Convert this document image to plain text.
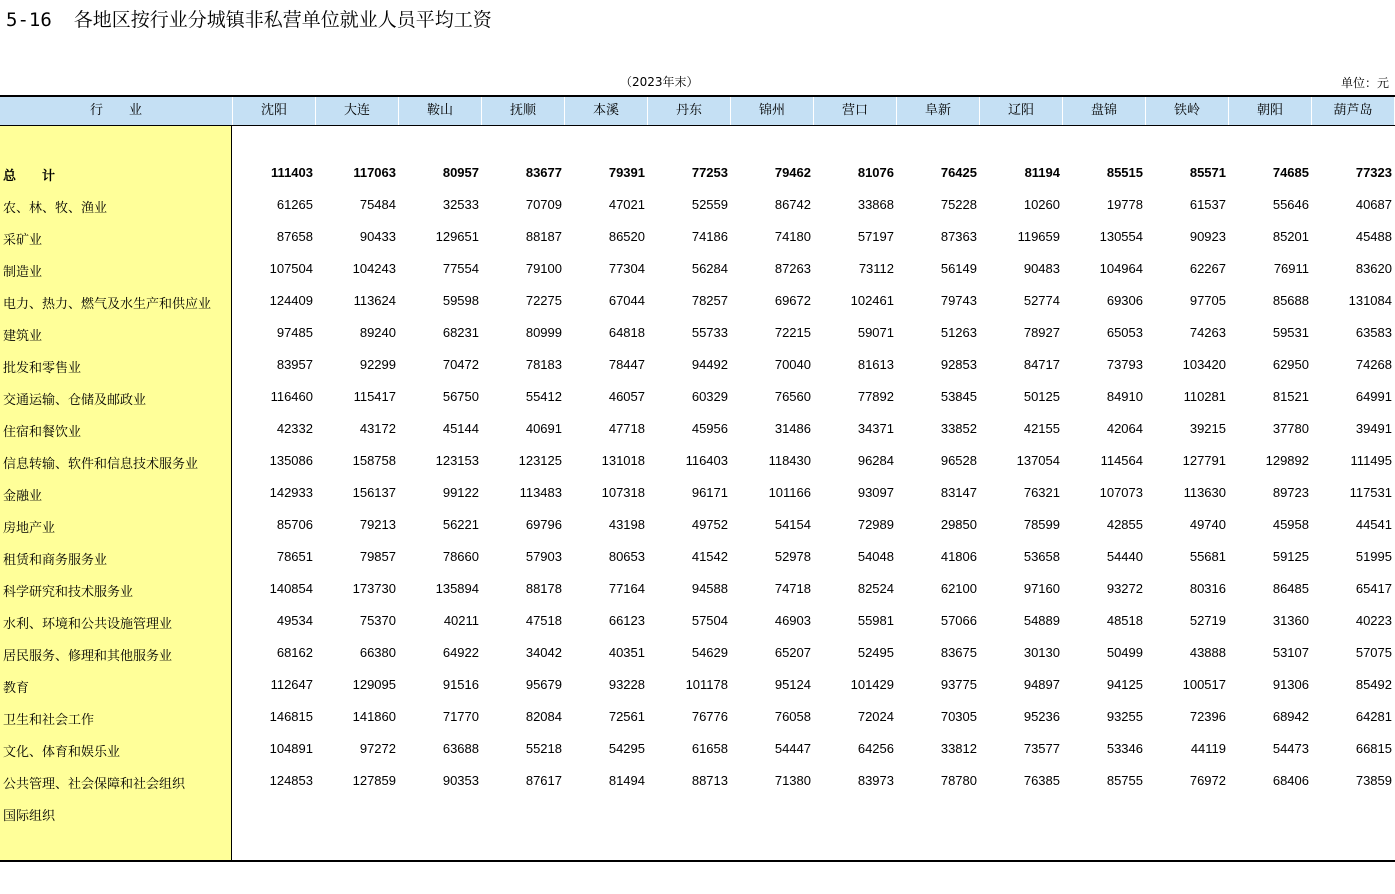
5-16 各地区按行业分城镇非私营单位就业人员平均工资
（2023年末）	单位：元
行　　业	沈阳	大连	鞍山	抚顺	本溪	丹东	锦州	营口	阜新	辽阳	盘锦	铁岭	朝阳	葫芦岛
总　　计	111403	117063	80957	83677	79391	77253	79462	81076	76425	81194	85515	85571	74685	77323
农、林、牧、渔业	61265	75484	32533	70709	47021	52559	86742	33868	75228	10260	19778	61537	55646	40687
采矿业	87658	90433	129651	88187	86520	74186	74180	57197	87363	119659	130554	90923	85201	45488
制造业	107504	104243	77554	79100	77304	56284	87263	73112	56149	90483	104964	62267	76911	83620
电力、热力、燃气及水生产和供应业	124409	113624	59598	72275	67044	78257	69672	102461	79743	52774	69306	97705	85688	131084
建筑业	97485	89240	68231	80999	64818	55733	72215	59071	51263	78927	65053	74263	59531	63583
批发和零售业	83957	92299	70472	78183	78447	94492	70040	81613	92853	84717	73793	103420	62950	74268
交通运输、仓储及邮政业	116460	115417	56750	55412	46057	60329	76560	77892	53845	50125	84910	110281	81521	64991
住宿和餐饮业	42332	43172	45144	40691	47718	45956	31486	34371	33852	42155	42064	39215	37780	39491
信息转输、软件和信息技术服务业	135086	158758	123153	123125	131018	116403	118430	96284	96528	137054	114564	127791	129892	111495
金融业	142933	156137	99122	113483	107318	96171	101166	93097	83147	76321	107073	113630	89723	117531
房地产业	85706	79213	56221	69796	43198	49752	54154	72989	29850	78599	42855	49740	45958	44541
租赁和商务服务业	78651	79857	78660	57903	80653	41542	52978	54048	41806	53658	54440	55681	59125	51995
科学研究和技术服务业	140854	173730	135894	88178	77164	94588	74718	82524	62100	97160	93272	80316	86485	65417
水利、环境和公共设施管理业	49534	75370	40211	47518	66123	57504	46903	55981	57066	54889	48518	52719	31360	40223
居民服务、修理和其他服务业	68162	66380	64922	34042	40351	54629	65207	52495	83675	30130	50499	43888	53107	57075
教育	112647	129095	91516	95679	93228	101178	95124	101429	93775	94897	94125	100517	91306	85492
卫生和社会工作	146815	141860	71770	82084	72561	76776	76058	72024	70305	95236	93255	72396	68942	64281
文化、体育和娱乐业	104891	97272	63688	55218	54295	61658	54447	64256	33812	73577	53346	44119	54473	66815
公共管理、社会保障和社会组织	124853	127859	90353	87617	81494	88713	71380	83973	78780	76385	85755	76972	68406	73859
国际组织
